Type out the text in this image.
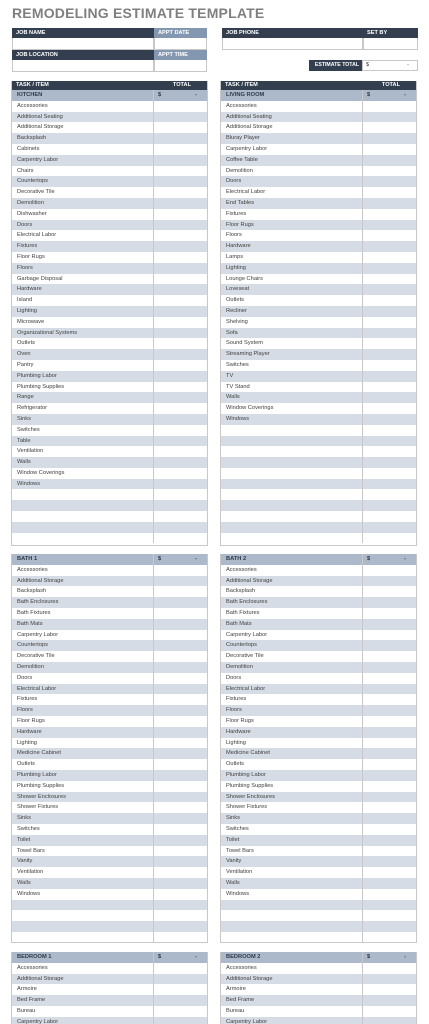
REMODELING ESTIMATE TEMPLATE
JOB NAME	APPT DATE	JOB PHONE	SET BY
JOB LOCATION	APPT TIME
ESTIMATE TOTAL	$	-
TASK / ITEM	TOTAL
KITCHEN	$	-
Accessories
Additional Seating
Additional Storage
Backsplash
Cabinets
Carpentry Labor
Chairs
Countertops
Decorative Tile
Demolition
Dishwasher
Doors
Electrical Labor
Fixtures
Floor Rugs
Floors
Garbage Disposal
Hardware
Island
Lighting
Microwave
Organizational Systems
Outlets
Oven
Pantry
Plumbing Labor
Plumbing Supplies
Range
Refrigerator
Sinks
Switches
Table
Ventilation
Walls
Window Coverings
Windows
TASK / ITEM	TOTAL
LIVING ROOM	$	-
Accessories
Additional Seating
Additional Storage
Bluray Player
Carpentry Labor
Coffee Table
Demolition
Doors
Electrical Labor
End Tables
Fixtures
Floor Rugs
Floors
Hardware
Lamps
Lighting
Lounge Chairs
Loveseat
Outlets
Recliner
Shelving
Sofa
Sound System
Streaming Player
Switches
TV
TV Stand
Walls
Window Coverings
Windows
BATH 1	$	-
Accessories
Additional Storage
Backsplash
Bath Enclosures
Bath Fixtures
Bath Mats
Carpentry Labor
Countertops
Decorative Tile
Demolition
Doors
Electrical Labor
Fixtures
Floors
Floor Rugs
Hardware
Lighting
Medicine Cabinet
Outlets
Plumbing Labor
Plumbing Supplies
Shower Enclosures
Shower Fixtures
Sinks
Switches
Toilet
Towel Bars
Vanity
Ventilation
Walls
Windows
BATH 2	$	-
Accessories
Additional Storage
Backsplash
Bath Enclosures
Bath Fixtures
Bath Mats
Carpentry Labor
Countertops
Decorative Tile
Demolition
Doors
Electrical Labor
Fixtures
Floors
Floor Rugs
Hardware
Lighting
Medicine Cabinet
Outlets
Plumbing Labor
Plumbing Supplies
Shower Enclosures
Shower Fixtures
Sinks
Switches
Toilet
Towel Bars
Vanity
Ventilation
Walls
Windows
BEDROOM 1	$	-
Accessories
Additional Storage
Armoire
Bed Frame
Bureau
Carpentry Labor
BEDROOM 2	$	-
Accessories
Additional Storage
Armoire
Bed Frame
Bureau
Carpentry Labor
